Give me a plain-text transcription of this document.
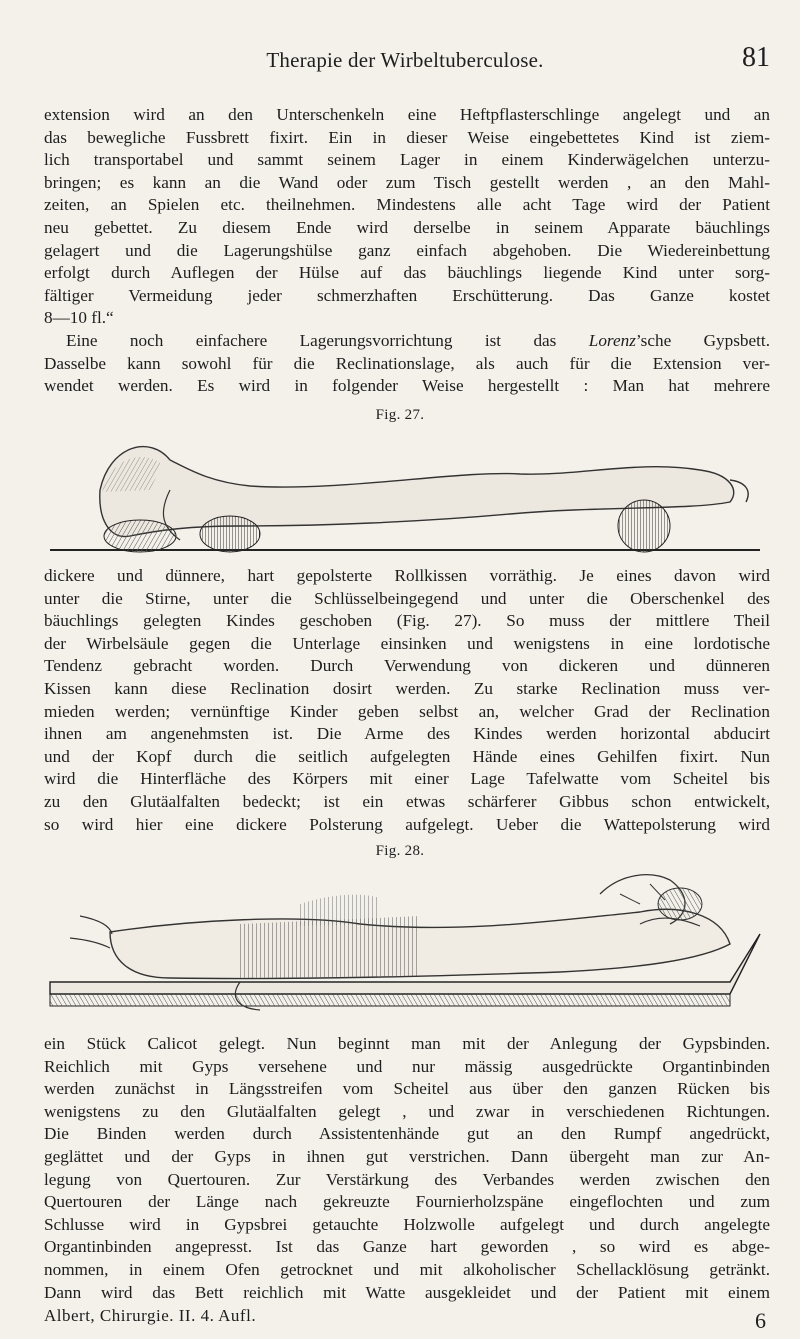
Therapie der Wirbeltuberculose.	81

extension wird an den Unterschenkeln eine Heftpflasterschlinge angelegt und an
das bewegliche Fussbrett fixirt. Ein in dieser Weise eingebettetes Kind ist ziem-
lich transportabel und sammt seinem Lager in einem Kinderwägelchen unterzu-
bringen; es kann an die Wand oder zum Tisch gestellt werden , an den Mahl-
zeiten, an Spielen etc. theilnehmen. Mindestens alle acht Tage wird der Patient
neu gebettet. Zu diesem Ende wird derselbe in seinem Apparate bäuchlings
gelagert und die Lagerungshülse ganz einfach abgehoben. Die Wiedereinbettung
erfolgt durch Auflegen der Hülse auf das bäuchlings liegende Kind unter sorg-
fältiger Vermeidung jeder schmerzhaften Erschütterung. Das Ganze kostet
8—10 fl.“

Eine noch einfachere Lagerungsvorrichtung ist das Lorenz’sche Gypsbett.
Dasselbe kann sowohl für die Reclinationslage, als auch für die Extension ver-
wendet werden. Es wird in folgender Weise hergestellt : Man hat mehrere

Fig. 27.

dickere und dünnere, hart gepolsterte Rollkissen vorräthig. Je eines davon wird
unter die Stirne, unter die Schlüsselbeingegend und unter die Oberschenkel des
bäuchlings gelegten Kindes geschoben (Fig. 27). So muss der mittlere Theil
der Wirbelsäule gegen die Unterlage einsinken und wenigstens in eine lordotische
Tendenz gebracht worden. Durch Verwendung von dickeren und dünneren
Kissen kann diese Reclination dosirt werden. Zu starke Reclination muss ver-
mieden werden; vernünftige Kinder geben selbst an, welcher Grad der Reclination
ihnen am angenehmsten ist. Die Arme des Kindes werden horizontal abducirt
und der Kopf durch die seitlich aufgelegten Hände eines Gehilfen fixirt. Nun
wird die Hinterfläche des Körpers mit einer Lage Tafelwatte vom Scheitel bis
zu den Glutäalfalten bedeckt; ist ein etwas schärferer Gibbus schon entwickelt,
so wird hier eine dickere Polsterung aufgelegt. Ueber die Wattepolsterung wird

Fig. 28.

ein Stück Calicot gelegt. Nun beginnt man mit der Anlegung der Gypsbinden.
Reichlich mit Gyps versehene und nur mässig ausgedrückte Organtinbinden
werden zunächst in Längsstreifen vom Scheitel aus über den ganzen Rücken bis
wenigstens zu den Glutäalfalten gelegt , und zwar in verschiedenen Richtungen.
Die Binden werden durch Assistentenhände gut an den Rumpf angedrückt,
geglättet und der Gyps in ihnen gut verstrichen. Dann übergeht man zur An-
legung von Quertouren. Zur Verstärkung des Verbandes werden zwischen den
Quertouren der Länge nach gekreuzte Fournierholzspäne eingeflochten und zum
Schlusse wird in Gypsbrei getauchte Holzwolle aufgelegt und durch angelegte
Organtinbinden angepresst. Ist das Ganze hart geworden , so wird es abge-
nommen, in einem Ofen getrocknet und mit alkoholischer Schellacklösung getränkt.
Dann wird das Bett reichlich mit Watte ausgekleidet und der Patient mit einem

Albert, Chirurgie. II. 4. Aufl.	6
